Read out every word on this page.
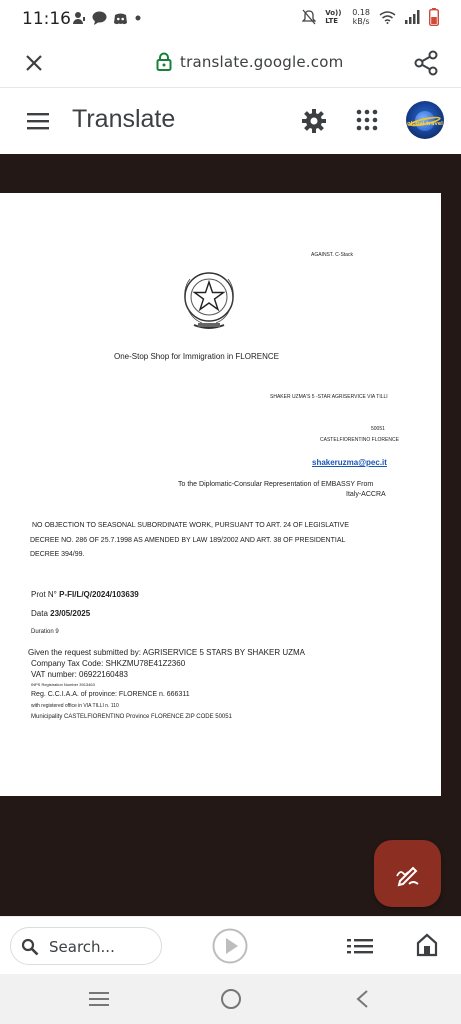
11:16	Vo)) LTE
0.18
kB/s
translate.google.com
Translate	global travel
AGAINST. C-Stack
One-Stop Shop for Immigration in FLORENCE
SHAKER UZMA'S 5 -STAR AGRISERVICE VIA TILLI
50051
CASTELFIORENTINO FLORENCE
shakeruzma@pec.it
To the Diplomatic-Consular Representation of EMBASSY From
Italy-ACCRA
NO OBJECTION TO SEASONAL SUBORDINATE WORK, PURSUANT TO ART. 24 OF LEGISLATIVE
DECREE NO. 286 OF 25.7.1998 AS AMENDED BY LAW 189/2002 AND ART. 38 OF PRESIDENTIAL
DECREE 394/99.
Prot N° P-FI/L/Q/2024/103639
Data 23/05/2025
Duration 9
Given the request submitted by: AGRISERVICE 5 STARS BY SHAKER UZMA
Company Tax Code: SHKZMU78E41Z2360
VAT number: 06922160483
INPS Registration Number 3913463
Reg. C.C.I.A.A. of province: FLORENCE n. 666311
with registered office in VIA TILLI n. 110
Municipality CASTELFIORENTINO Province FLORENCE ZIP CODE 50051
Search...
